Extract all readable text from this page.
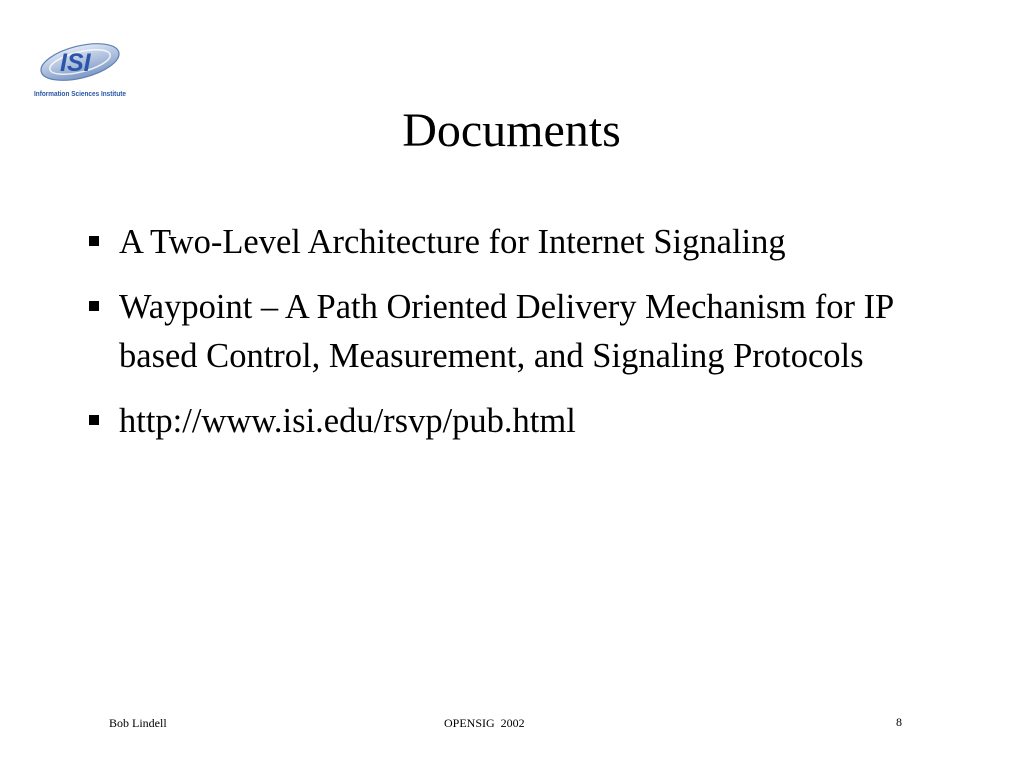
ISI
Information Sciences Institute
Documents
A Two-Level Architecture for Internet Signaling
Waypoint – A Path Oriented Delivery Mechanism for IP based Control, Measurement, and Signaling Protocols
http://www.isi.edu/rsvp/pub.html
Bob Lindell	OPENSIG  2002	8
